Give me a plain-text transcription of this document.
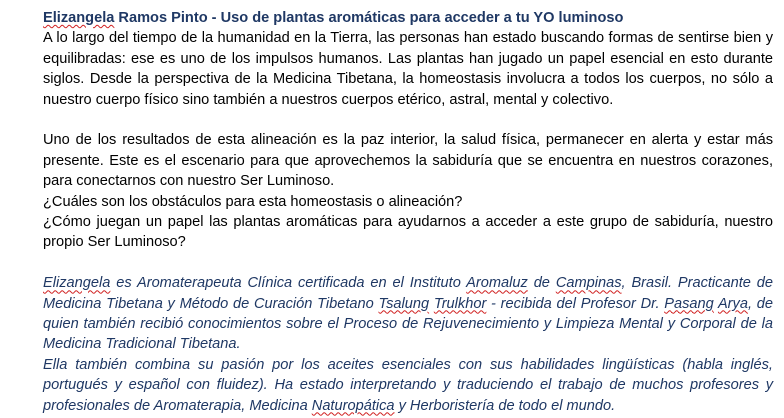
Elizangela Ramos Pinto - Uso de plantas aromáticas para acceder a tu YO luminoso

A lo largo del tiempo de la humanidad en la Tierra, las personas han estado buscando formas de sentirse bien y equilibradas: ese es uno de los impulsos humanos. Las plantas han jugado un papel esencial en esto durante siglos. Desde la perspectiva de la Medicina Tibetana, la homeostasis involucra a todos los cuerpos, no sólo a nuestro cuerpo físico sino también a nuestros cuerpos etérico, astral, mental y colectivo.

Uno de los resultados de esta alineación es la paz interior, la salud física, permanecer en alerta y estar más presente. Este es el escenario para que aprovechemos la sabiduría que se encuentra en nuestros corazones, para conectarnos con nuestro Ser Luminoso.

¿Cuáles son los obstáculos para esta homeostasis o alineación?

¿Cómo juegan un papel las plantas aromáticas para ayudarnos a acceder a este grupo de sabiduría, nuestro propio Ser Luminoso?

Elizangela es Aromaterapeuta Clínica certificada en el Instituto Aromaluz de Campinas, Brasil. Practicante de Medicina Tibetana y Método de Curación Tibetano Tsalung Trulkhor - recibida del Profesor Dr. Pasang Arya, de quien también recibió conocimientos sobre el Proceso de Rejuvenecimiento y Limpieza Mental y Corporal de la Medicina Tradicional Tibetana.

Ella también combina su pasión por los aceites esenciales con sus habilidades lingüísticas (habla inglés, portugués y español con fluidez). Ha estado interpretando y traduciendo el trabajo de muchos profesores y profesionales de Aromaterapia, Medicina Naturopática y Herboristería de todo el mundo.
